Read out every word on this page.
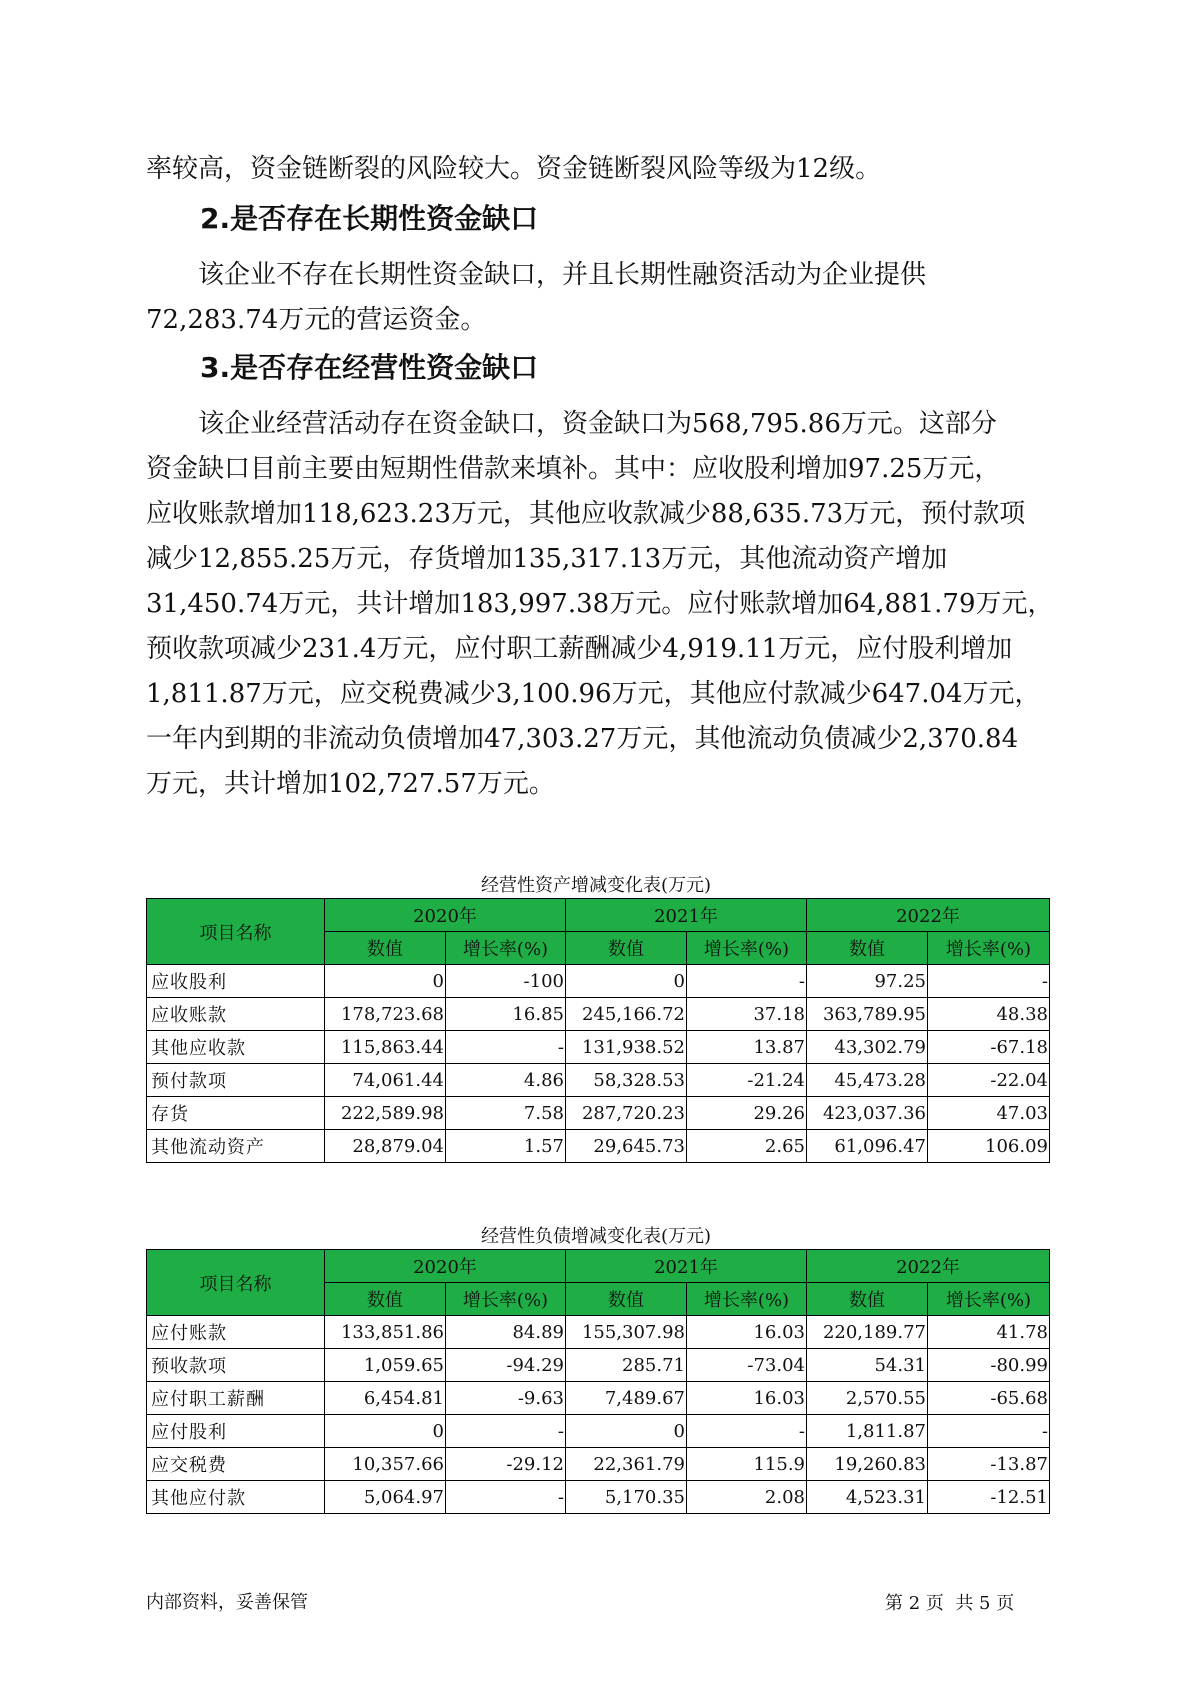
率较高，资金链断裂的风险较大。资金链断裂风险等级为12级。

2.是否存在长期性资金缺口

该企业不存在长期性资金缺口，并且长期性融资活动为企业提供
72,283.74万元的营运资金。

3.是否存在经营性资金缺口

该企业经营活动存在资金缺口，资金缺口为568,795.86万元。这部分
资金缺口目前主要由短期性借款来填补。其中：应收股利增加97.25万元，
应收账款增加118,623.23万元，其他应收款减少88,635.73万元，预付款项
减少12,855.25万元，存货增加135,317.13万元，其他流动资产增加
31,450.74万元，共计增加183,997.38万元。应付账款增加64,881.79万元，
预收款项减少231.4万元，应付职工薪酬减少4,919.11万元，应付股利增加
1,811.87万元，应交税费减少3,100.96万元，其他应付款减少647.04万元，
一年内到期的非流动负债增加47,303.27万元，其他流动负债减少2,370.84
万元，共计增加102,727.57万元。

经营性资产增减变化表(万元)
项目名称	2020年		2021年		2022年	
	数值	增长率(%)	数值	增长率(%)	数值	增长率(%)
应收股利	0	-100	0	-	97.25	-
应收账款	178,723.68	16.85	245,166.72	37.18	363,789.95	48.38
其他应收款	115,863.44	-	131,938.52	13.87	43,302.79	-67.18
预付款项	74,061.44	4.86	58,328.53	-21.24	45,473.28	-22.04
存货	222,589.98	7.58	287,720.23	29.26	423,037.36	47.03
其他流动资产	28,879.04	1.57	29,645.73	2.65	61,096.47	106.09
经营性负债增减变化表(万元)
项目名称	2020年		2021年		2022年	
	数值	增长率(%)	数值	增长率(%)	数值	增长率(%)
应付账款	133,851.86	84.89	155,307.98	16.03	220,189.77	41.78
预收款项	1,059.65	-94.29	285.71	-73.04	54.31	-80.99
应付职工薪酬	6,454.81	-9.63	7,489.67	16.03	2,570.55	-65.68
应付股利	0	-	0	-	1,811.87	-
应交税费	10,357.66	-29.12	22,361.79	115.9	19,260.83	-13.87
其他应付款	5,064.97	-	5,170.35	2.08	4,523.31	-12.51
内部资料，妥善保管	第 2 页  共 5 页
